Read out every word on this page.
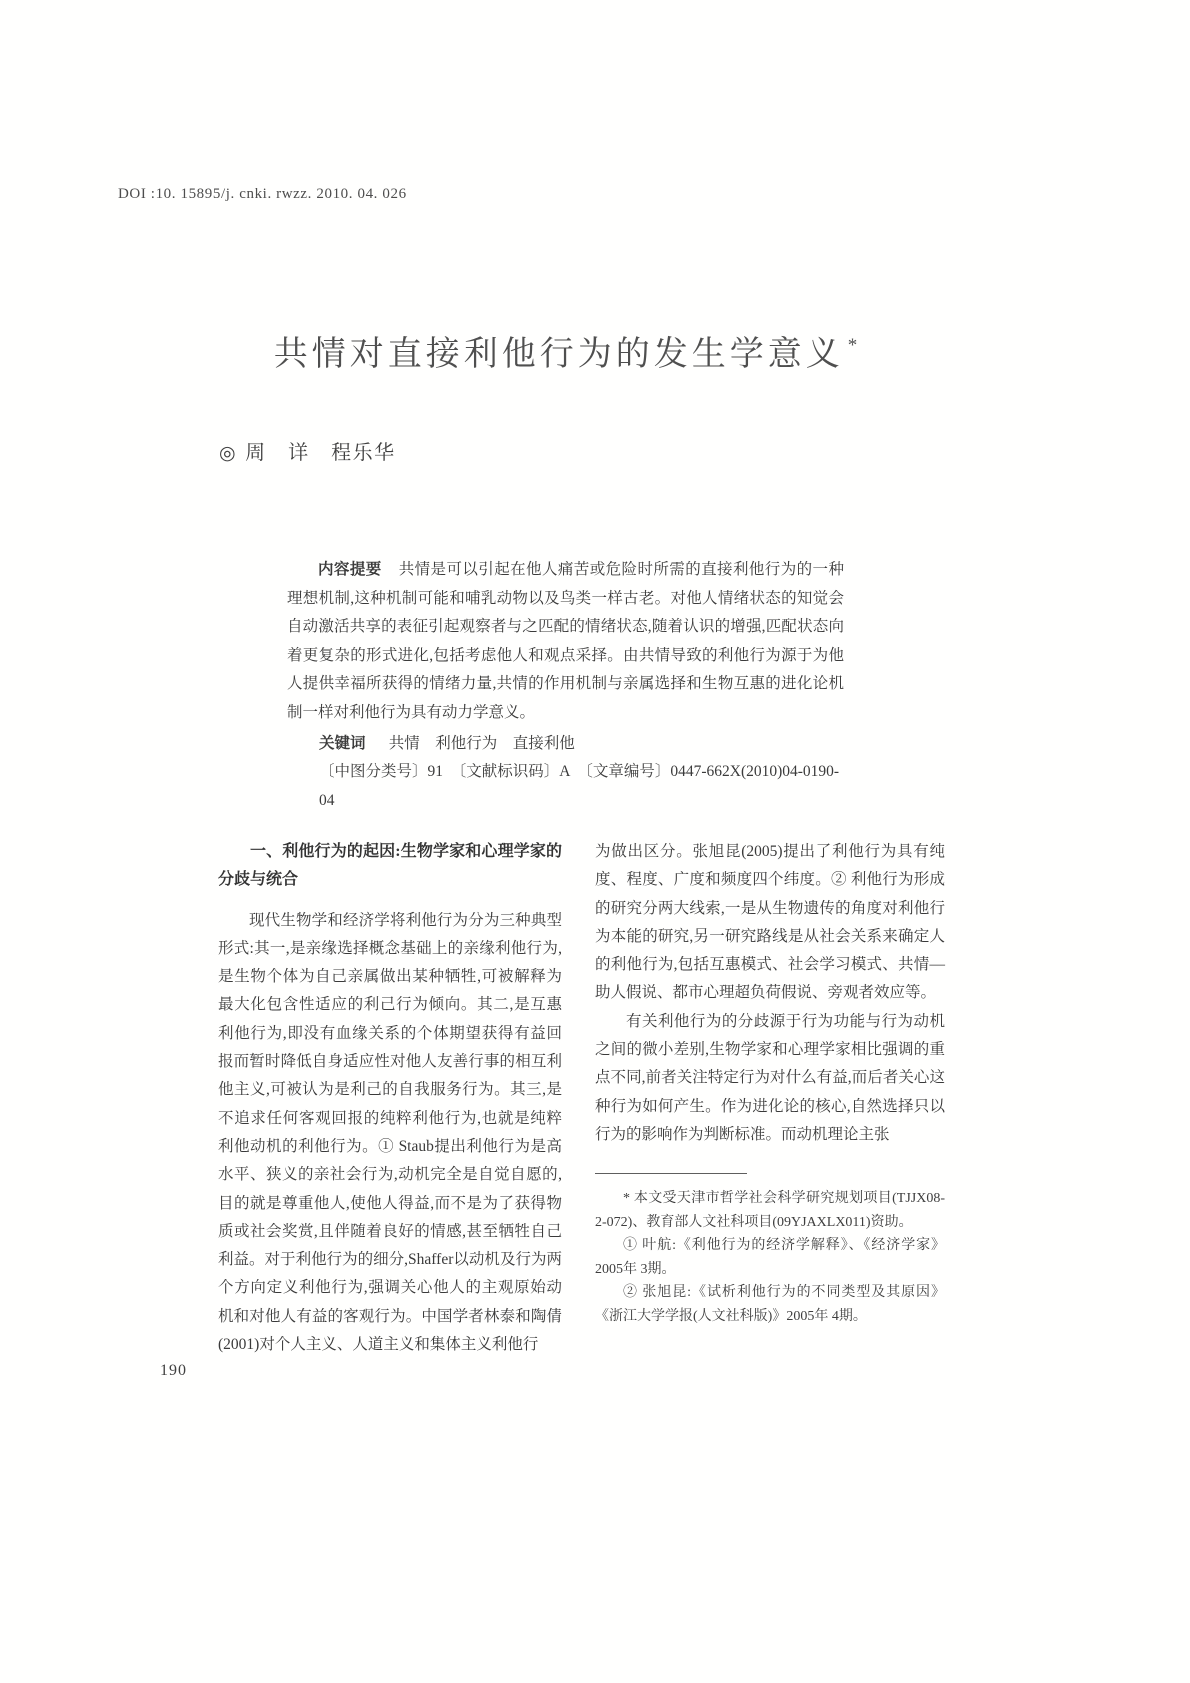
DOI :10. 15895/j. cnki. rwzz. 2010. 04. 026
共情对直接利他行为的发生学意义 *
◎ 周　详　程乐华

内容提要 共情是可以引起在他人痛苦或危险时所需的直接利他行为的一种理想机制,这种机制可能和哺乳动物以及鸟类一样古老。对他人情绪状态的知觉会自动激活共享的表征引起观察者与之匹配的情绪状态,随着认识的增强,匹配状态向着更复杂的形式进化,包括考虑他人和观点采择。由共情导致的利他行为源于为他人提供幸福所获得的情绪力量,共情的作用机制与亲属选择和生物互惠的进化论机制一样对利他行为具有动力学意义。

关键词 共情　利他行为　直接利他

〔中图分类号〕91　〔文献标识码〕A　〔文章编号〕0447-662X(2010)04-0190-04

一、利他行为的起因:生物学家和心理学家的分歧与统合

现代生物学和经济学将利他行为分为三种典型形式:其一,是亲缘选择概念基础上的亲缘利他行为,是生物个体为自己亲属做出某种牺牲,可被解释为最大化包含性适应的利己行为倾向。其二,是互惠利他行为,即没有血缘关系的个体期望获得有益回报而暂时降低自身适应性对他人友善行事的相互利他主义,可被认为是利己的自我服务行为。其三,是不追求任何客观回报的纯粹利他行为,也就是纯粹利他动机的利他行为。① Staub提出利他行为是高水平、狭义的亲社会行为,动机完全是自觉自愿的,目的就是尊重他人,使他人得益,而不是为了获得物质或社会奖赏,且伴随着良好的情感,甚至牺牲自己利益。对于利他行为的细分,Shaffer以动机及行为两个方向定义利他行为,强调关心他人的主观原始动机和对他人有益的客观行为。中国学者林泰和陶倩(2001)对个人主义、人道主义和集体主义利他行

为做出区分。张旭昆(2005)提出了利他行为具有纯度、程度、广度和频度四个纬度。② 利他行为形成的研究分两大线索,一是从生物遗传的角度对利他行为本能的研究,另一研究路线是从社会关系来确定人的利他行为,包括互惠模式、社会学习模式、共情—助人假说、都市心理超负荷假说、旁观者效应等。

有关利他行为的分歧源于行为功能与行为动机之间的微小差别,生物学家和心理学家相比强调的重点不同,前者关注特定行为对什么有益,而后者关心这种行为如何产生。作为进化论的核心,自然选择只以行为的影响作为判断标准。而动机理论主张

* 本文受天津市哲学社会科学研究规划项目(TJJX08-2-072)、教育部人文社科项目(09YJAXLX011)资助。

① 叶航:《利他行为的经济学解释》、《经济学家》2005年 3期。

② 张旭昆:《试析利他行为的不同类型及其原因》《浙江大学学报(人文社科版)》2005年 4期。

190
